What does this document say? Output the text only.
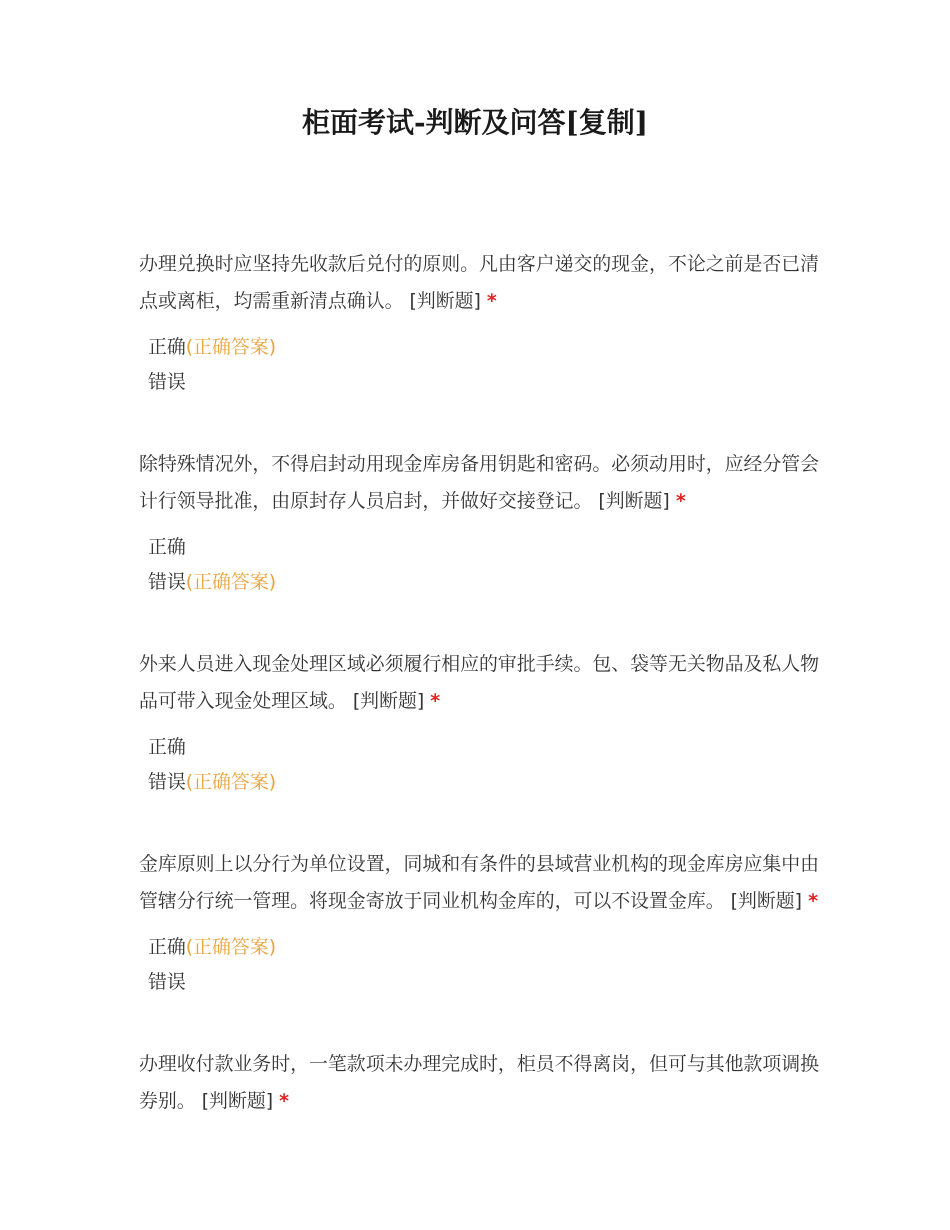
柜面考试-判断及问答[复制]

办理兑换时应坚持先收款后兑付的原则。凡由客户递交的现金，不论之前是否已清点或离柜，均需重新清点确认。 [判断题] *

正确(正确答案)
错误

除特殊情况外，不得启封动用现金库房备用钥匙和密码。必须动用时，应经分管会计行领导批准，由原封存人员启封，并做好交接登记。 [判断题] *

正确
错误(正确答案)

外来人员进入现金处理区域必须履行相应的审批手续。包、袋等无关物品及私人物品可带入现金处理区域。 [判断题] *

正确
错误(正确答案)

金库原则上以分行为单位设置，同城和有条件的县域营业机构的现金库房应集中由管辖分行统一管理。将现金寄放于同业机构金库的，可以不设置金库。 [判断题] *

正确(正确答案)
错误

办理收付款业务时，一笔款项未办理完成时，柜员不得离岗，但可与其他款项调换券别。 [判断题] *
